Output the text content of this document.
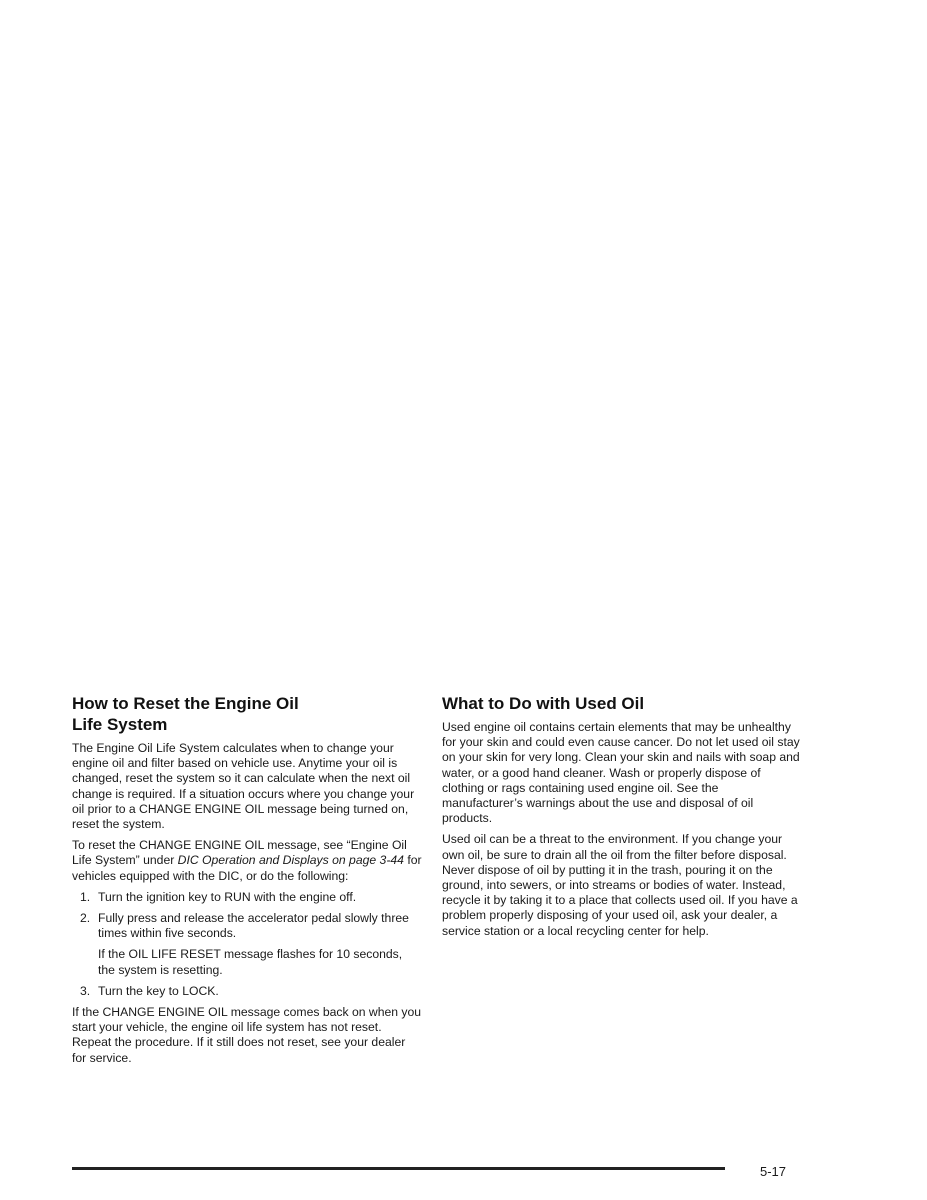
How to Reset the Engine Oil
Life System

The Engine Oil Life System calculates when to change your engine oil and filter based on vehicle use. Anytime your oil is changed, reset the system so it can calculate when the next oil change is required. If a situation occurs where you change your oil prior to a CHANGE ENGINE OIL message being turned on, reset the system.

To reset the CHANGE ENGINE OIL message, see “Engine Oil Life System” under DIC Operation and Displays on page 3-44 for vehicles equipped with the DIC, or do the following:

1. Turn the ignition key to RUN with the engine off.
2. Fully press and release the accelerator pedal slowly three times within five seconds.

If the OIL LIFE RESET message flashes for 10 seconds, the system is resetting.

3. Turn the key to LOCK.

If the CHANGE ENGINE OIL message comes back on when you start your vehicle, the engine oil life system has not reset. Repeat the procedure. If it still does not reset, see your dealer for service.

What to Do with Used Oil

Used engine oil contains certain elements that may be unhealthy for your skin and could even cause cancer. Do not let used oil stay on your skin for very long. Clean your skin and nails with soap and water, or a good hand cleaner. Wash or properly dispose of clothing or rags containing used engine oil. See the manufacturer’s warnings about the use and disposal of oil products.

Used oil can be a threat to the environment. If you change your own oil, be sure to drain all the oil from the filter before disposal. Never dispose of oil by putting it in the trash, pouring it on the ground, into sewers, or into streams or bodies of water. Instead, recycle it by taking it to a place that collects used oil. If you have a problem properly disposing of your used oil, ask your dealer, a service station or a local recycling center for help.

5-17
